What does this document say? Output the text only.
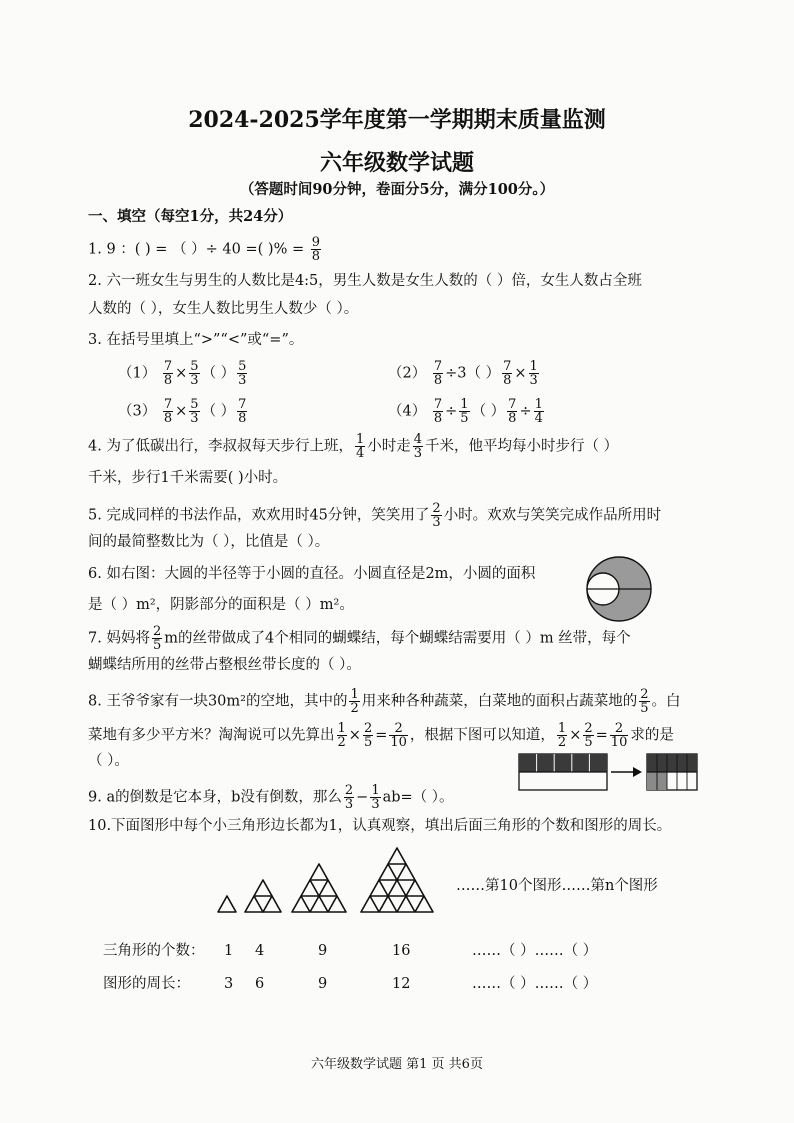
2024-2025学年度第一学期期末质量监测
六年级数学试题
（答题时间90分钟，卷面分5分，满分100分。）
一、填空（每空1分，共24分）
1. 9 ：( ) = （ ）÷ 40 =( )% = $\frac{9}{8}$
2. 六一班女生与男生的人数比是4:5，男生人数是女生人数的（ ）倍，女生人数占全班
人数的（ ），女生人数比男生人数少（ ）。
3. 在括号里填上“>”“<”或“=”。
$(1) \frac{7}{8} \times \frac{5}{3}$ （ ） $\frac{5}{3}$	$(2) \frac{7}{8} \div 3$（ ） $\frac{7}{8} \times \frac{1}{3}$
$(3) \frac{7}{8} \times \frac{5}{3}$ （ ） $\frac{7}{8}$	$(4) \frac{7}{8} \div \frac{1}{5}$ （ ） $\frac{7}{8} \div \frac{1}{4}$
4. 为了低碳出行，李叔叔每天步行上班， $\frac{1}{4}$ 小时走 $\frac{4}{3}$ 千米，他平均每小时步行（ ）
千米，步行1千米需要( )小时。
5. 完成同样的书法作品，欢欢用时45分钟，笑笑用了 $\frac{2}{3}$ 小时。欢欢与笑笑完成作品所用时
间的最简整数比为（ ），比值是（ ）。
6. 如右图：大圆的半径等于小圆的直径。小圆直径是2m，小圆的面积
是（ ）m²，阴影部分的面积是（ ）m²。
7. 妈妈将 $\frac{2}{5}$ m的丝带做成了4个相同的蝴蝶结，每个蝴蝶结需要用（ ）m 丝带，每个
蝴蝶结所用的丝带占整根丝带长度的（ ）。
8. 王爷爷家有一块30m²的空地，其中的 $\frac{1}{2}$ 用来种各种蔬菜，白菜地的面积占蔬菜地的 $\frac{2}{5}$ 。白
菜地有多少平方米？淘淘说可以先算出 $\frac{1}{2} \times \frac{2}{5} = \frac{2}{10}$ ，根据下图可以知道， $\frac{1}{2} \times \frac{2}{5} = \frac{2}{10}$ 求的是
（ ）。
9. a的倒数是它本身，b没有倒数，那么 $\frac{2}{3} - \frac{1}{3} ab=$（ ）。
10.下面图形中每个小三角形边长都为1，认真观察，填出后面三角形的个数和图形的周长。
……第10个图形……第n个图形
三角形的个数： 1 4	9	16	……（ ）……（ ）
图形的周长： 3 6	9	12	……（ ）……（ ）
六年级数学试题 第1 页 共6页
